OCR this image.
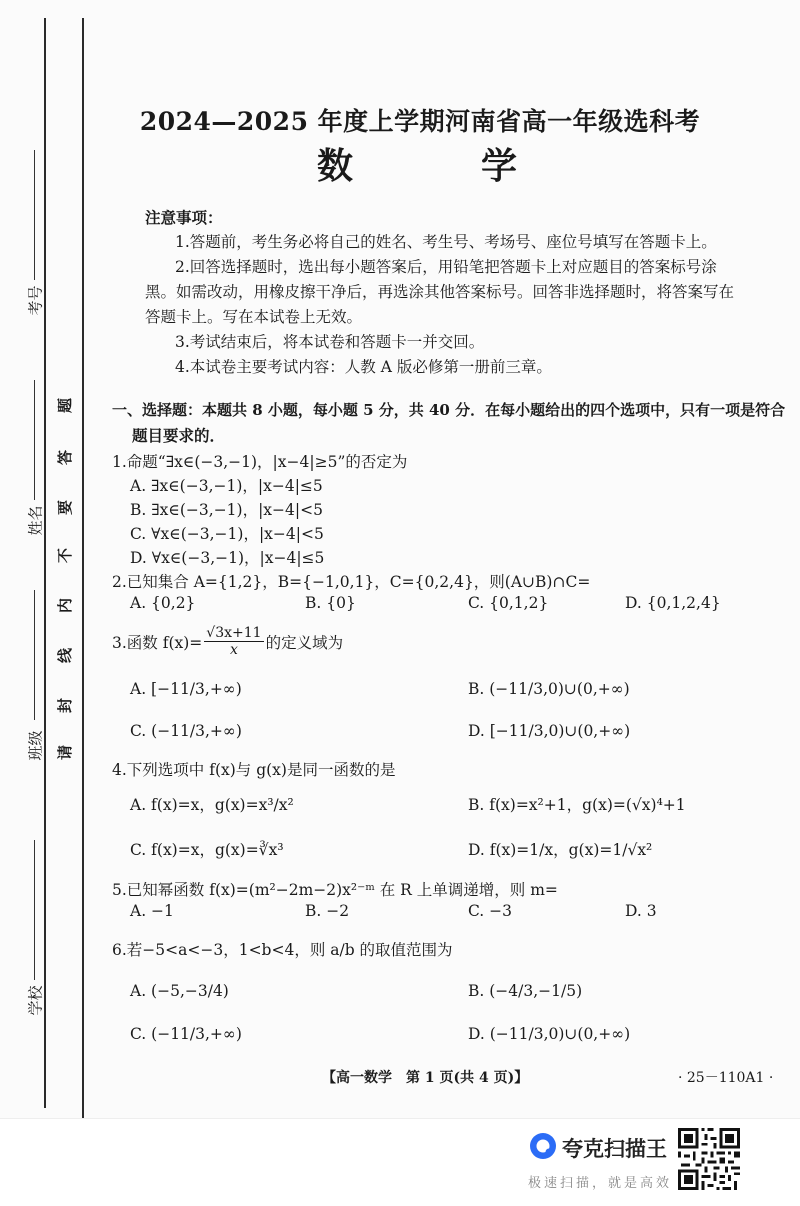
考号
姓名
班级
学校
请
封
线
内
不
要
答
题
2024—2025 年度上学期河南省高一年级选科考
数　学

注意事项：

1.答题前，考生务必将自己的姓名、考生号、考场号、座位号填写在答题卡上。

2.回答选择题时，选出每小题答案后，用铅笔把答题卡上对应题目的答案标号涂黑。如需改动，用橡皮擦干净后，再选涂其他答案标号。回答非选择题时，将答案写在答题卡上。写在本试卷上无效。

3.考试结束后，将本试卷和答题卡一并交回。

4.本试卷主要考试内容：人教 A 版必修第一册前三章。

一、选择题：本题共 8 小题，每小题 5 分，共 40 分．在每小题给出的四个选项中，只有一项是符合

题目要求的．

1.命题“∃x∈(−3,−1)，|x−4|≥5”的否定为
A. ∃x∈(−3,−1)，|x−4|≤5
B. ∃x∈(−3,−1)，|x−4|<5
C. ∀x∈(−3,−1)，|x−4|<5
D. ∀x∈(−3,−1)，|x−4|≤5
2.已知集合 A={1,2}，B={−1,0,1}，C={0,2,4}，则(A∪B)∩C=
A. {0,2}	B. {0}	C. {0,1,2}	D. {0,1,2,4}
3.函数 $f(x)= \frac{√3x+11}{x}$ 的定义域为
A. [−11/3,+∞)	B. (−11/3,0)∪(0,+∞)
C. (−11/3,+∞)	D. [−11/3,0)∪(0,+∞)
4.下列选项中 f(x)与 g(x)是同一函数的是
A. f(x)=x，g(x)=x³/x²	B. f(x)=x²+1，g(x)=(√x)⁴+1
C. f(x)=x，g(x)=∛x³	D. f(x)=1/x，g(x)=1/√x²
5.已知幂函数 f(x)=(m²−2m−2)x²⁻ᵐ 在 R 上单调递增，则 m=
A. −1	B. −2	C. −3	D. 3
6.若−5<a<−3，1<b<4，则 a/b 的取值范围为
A. (−5,−3/4)	B. (−4/3,−1/5)
C. (−11/3,+∞)	D. (−11/3,0)∪(0,+∞)
【高一数学　第 1 页(共 4 页)】	· 25－110A1 ·
夸克扫描王
极速扫描，就是高效
